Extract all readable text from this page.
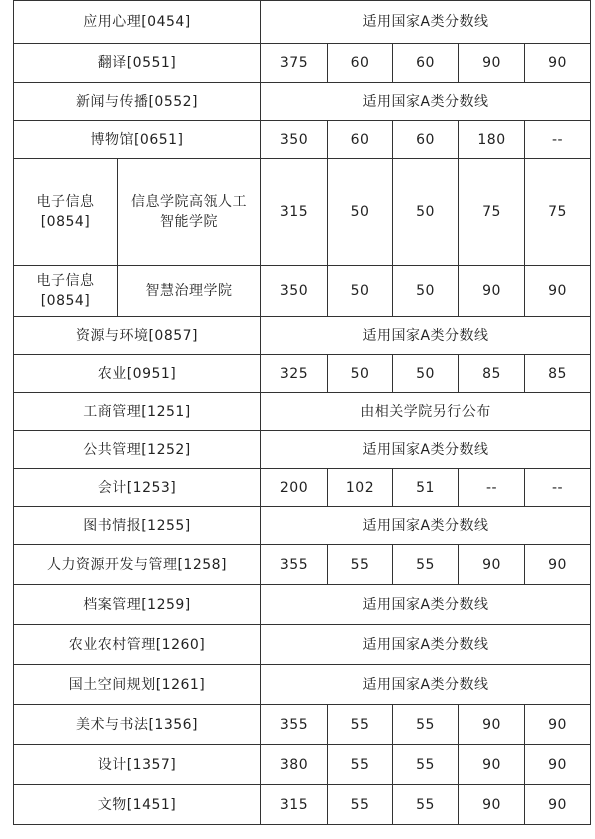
应用心理[0454]		适用国家A类分数线				
翻译[0551]		375	60	60	90	90
新闻与传播[0552]		适用国家A类分数线				
博物馆[0651]		350	60	60	180	--
电子信息[0854]	信息学院高瓴人工智能学院	315	50	50	75	75
电子信息[0854]	智慧治理学院	350	50	50	90	90
资源与环境[0857]		适用国家A类分数线				
农业[0951]		325	50	50	85	85
工商管理[1251]		由相关学院另行公布				
公共管理[1252]		适用国家A类分数线				
会计[1253]		200	102	51	--	--
图书情报[1255]		适用国家A类分数线				
人力资源开发与管理[1258]		355	55	55	90	90
档案管理[1259]		适用国家A类分数线				
农业农村管理[1260]		适用国家A类分数线				
国土空间规划[1261]		适用国家A类分数线				
美术与书法[1356]		355	55	55	90	90
设计[1357]		380	55	55	90	90
文物[1451]		315	55	55	90	90
